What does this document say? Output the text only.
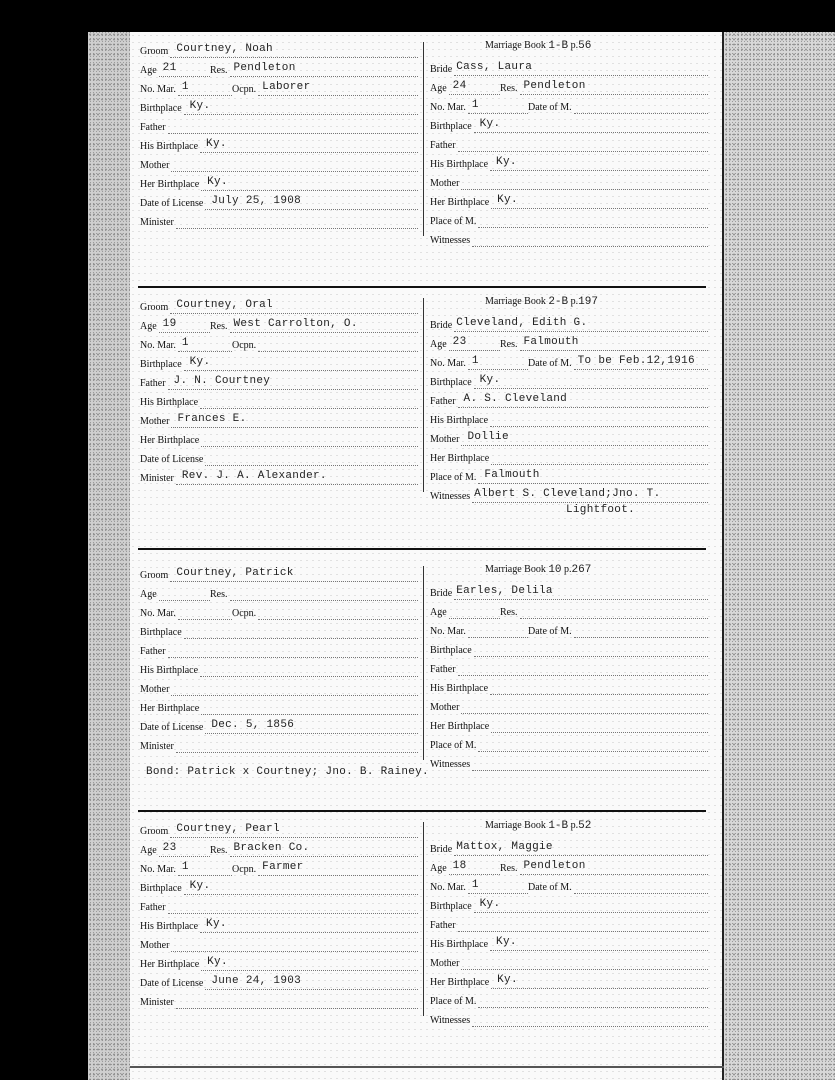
Marriage Book 1-B p.56
Groom Courtney, Noah
Age 21	Res. Pendleton
No. Mar. 1	Ocpn. Laborer
Birthplace Ky.
Father
His Birthplace Ky.
Mother
Her Birthplace Ky.
Date of License July 25, 1908
Minister
Bride Cass, Laura
Age 24	Res. Pendleton
No. Mar. 1	Date of M.
Birthplace Ky.
Father
His Birthplace Ky.
Mother
Her Birthplace Ky.
Place of M.
Witnesses
Marriage Book 2-B p.197
Groom Courtney, Oral
Age 19	Res. West Carrolton, O.
No. Mar. 1	Ocpn.
Birthplace Ky.
Father J. N. Courtney
His Birthplace
Mother Frances E.
Her Birthplace
Date of License
Minister Rev. J. A. Alexander.
Bride Cleveland, Edith G.
Age 23	Res. Falmouth
No. Mar. 1	Date of M. To be Feb.12,1916
Birthplace Ky.
Father A. S. Cleveland
His Birthplace
Mother Dollie
Her Birthplace
Place of M. Falmouth
Witnesses Albert S. Cleveland;Jno. T.
Lightfoot.
Marriage Book 10 p.267
Groom Courtney, Patrick
Age	Res.
No. Mar.	Ocpn.
Birthplace
Father
His Birthplace
Mother
Her Birthplace
Date of License Dec. 5, 1856
Minister
Bride Earles, Delila
Age	Res.
No. Mar.	Date of M.
Birthplace
Father
His Birthplace
Mother
Her Birthplace
Place of M.
Witnesses
Bond: Patrick x Courtney; Jno. B. Rainey.
Marriage Book 1-B p.52
Groom Courtney, Pearl
Age 23	Res. Bracken Co.
No. Mar. 1	Ocpn. Farmer
Birthplace Ky.
Father
His Birthplace Ky.
Mother
Her Birthplace Ky.
Date of License June 24, 1903
Minister
Bride Mattox, Maggie
Age 18	Res. Pendleton
No. Mar. 1	Date of M.
Birthplace Ky.
Father
His Birthplace Ky.
Mother
Her Birthplace Ky.
Place of M.
Witnesses
